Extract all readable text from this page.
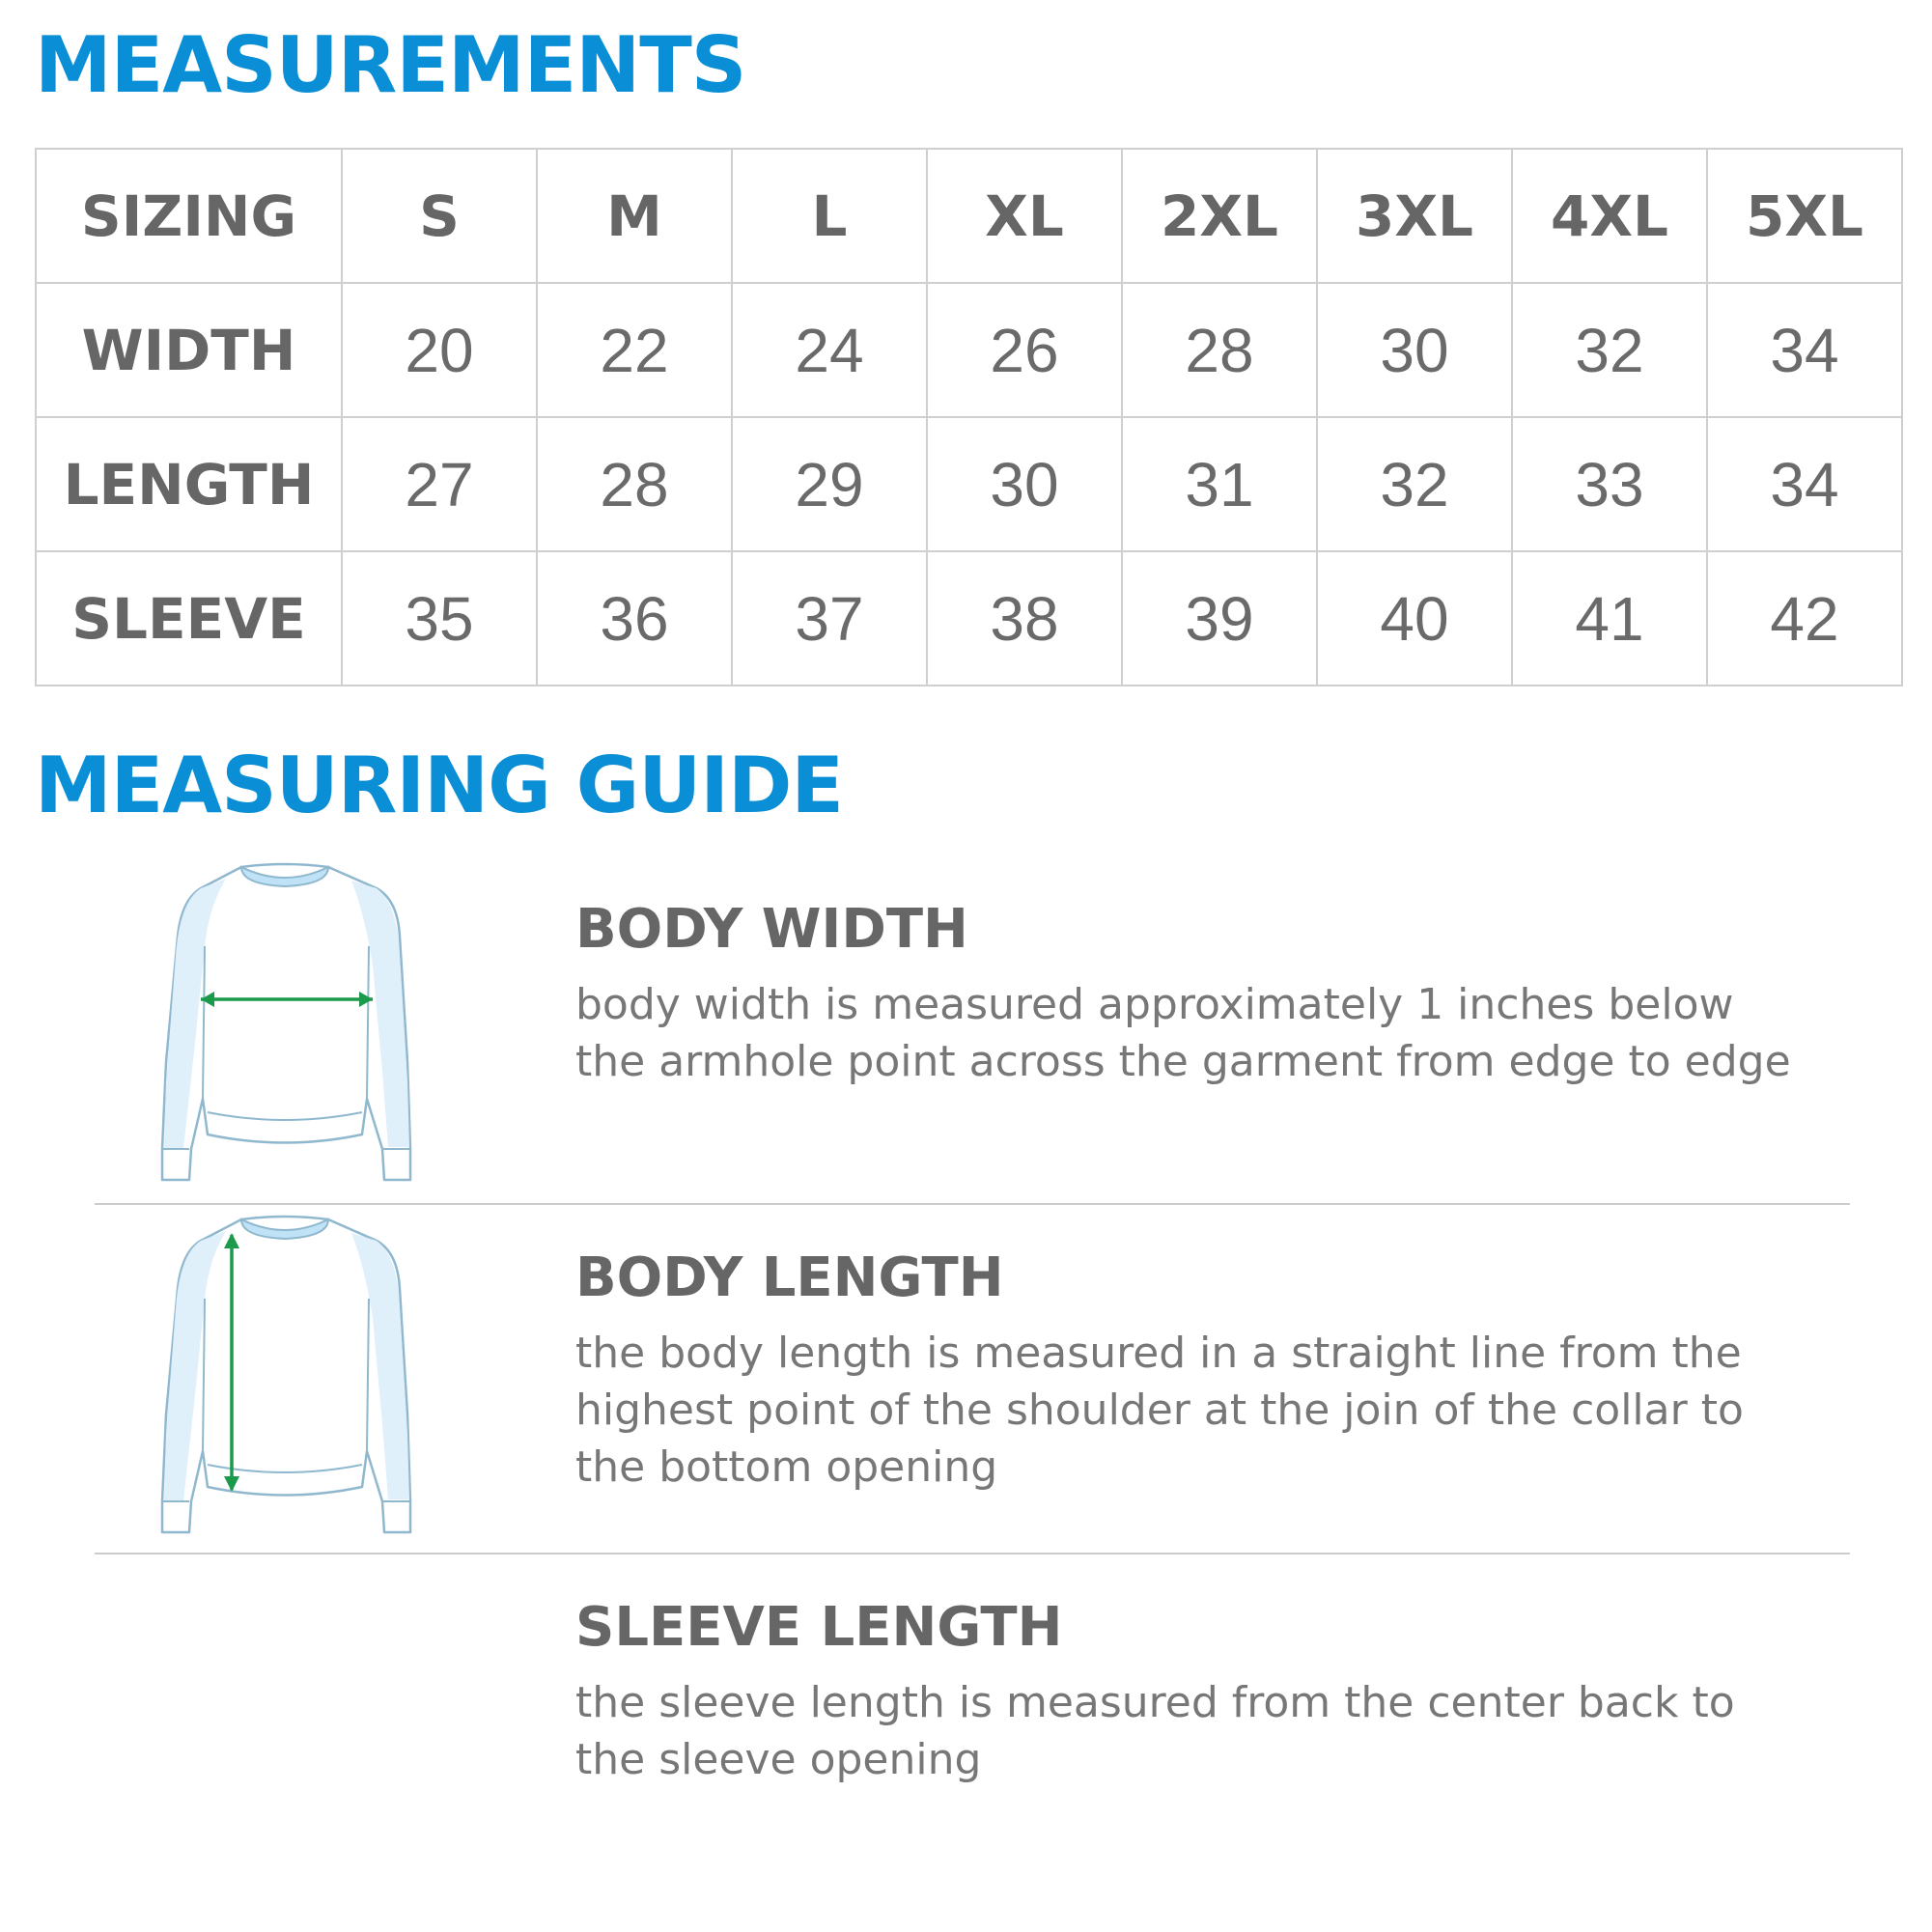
MEASUREMENTS
SIZING	S	M	L	XL	2XL	3XL	4XL	5XL
WIDTH	20	22	24	26	28	30	32	34
LENGTH	27	28	29	30	31	32	33	34
SLEEVE	35	36	37	38	39	40	41	42
MEASURING GUIDE
BODY WIDTH

body width is measured approximately 1 inches below
the armhole point across the garment from edge to edge

BODY LENGTH

the body length is measured in a straight line from the
highest point of the shoulder at the join of the collar to
the bottom opening

SLEEVE LENGTH

the sleeve length is measured from the center back to
the sleeve opening
